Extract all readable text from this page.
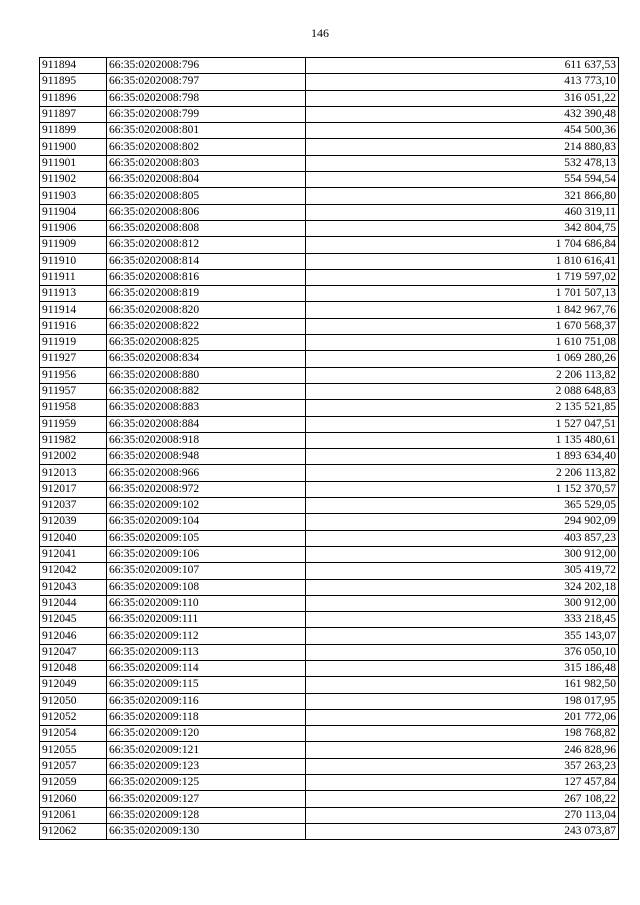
146
911894	66:35:0202008:796	611 637,53
911895	66:35:0202008:797	413 773,10
911896	66:35:0202008:798	316 051,22
911897	66:35:0202008:799	432 390,48
911899	66:35:0202008:801	454 500,36
911900	66:35:0202008:802	214 880,83
911901	66:35:0202008:803	532 478,13
911902	66:35:0202008:804	554 594,54
911903	66:35:0202008:805	321 866,80
911904	66:35:0202008:806	460 319,11
911906	66:35:0202008:808	342 804,75
911909	66:35:0202008:812	1 704 686,84
911910	66:35:0202008:814	1 810 616,41
911911	66:35:0202008:816	1 719 597,02
911913	66:35:0202008:819	1 701 507,13
911914	66:35:0202008:820	1 842 967,76
911916	66:35:0202008:822	1 670 568,37
911919	66:35:0202008:825	1 610 751,08
911927	66:35:0202008:834	1 069 280,26
911956	66:35:0202008:880	2 206 113,82
911957	66:35:0202008:882	2 088 648,83
911958	66:35:0202008:883	2 135 521,85
911959	66:35:0202008:884	1 527 047,51
911982	66:35:0202008:918	1 135 480,61
912002	66:35:0202008:948	1 893 634,40
912013	66:35:0202008:966	2 206 113,82
912017	66:35:0202008:972	1 152 370,57
912037	66:35:0202009:102	365 529,05
912039	66:35:0202009:104	294 902,09
912040	66:35:0202009:105	403 857,23
912041	66:35:0202009:106	300 912,00
912042	66:35:0202009:107	305 419,72
912043	66:35:0202009:108	324 202,18
912044	66:35:0202009:110	300 912,00
912045	66:35:0202009:111	333 218,45
912046	66:35:0202009:112	355 143,07
912047	66:35:0202009:113	376 050,10
912048	66:35:0202009:114	315 186,48
912049	66:35:0202009:115	161 982,50
912050	66:35:0202009:116	198 017,95
912052	66:35:0202009:118	201 772,06
912054	66:35:0202009:120	198 768,82
912055	66:35:0202009:121	246 828,96
912057	66:35:0202009:123	357 263,23
912059	66:35:0202009:125	127 457,84
912060	66:35:0202009:127	267 108,22
912061	66:35:0202009:128	270 113,04
912062	66:35:0202009:130	243 073,87
